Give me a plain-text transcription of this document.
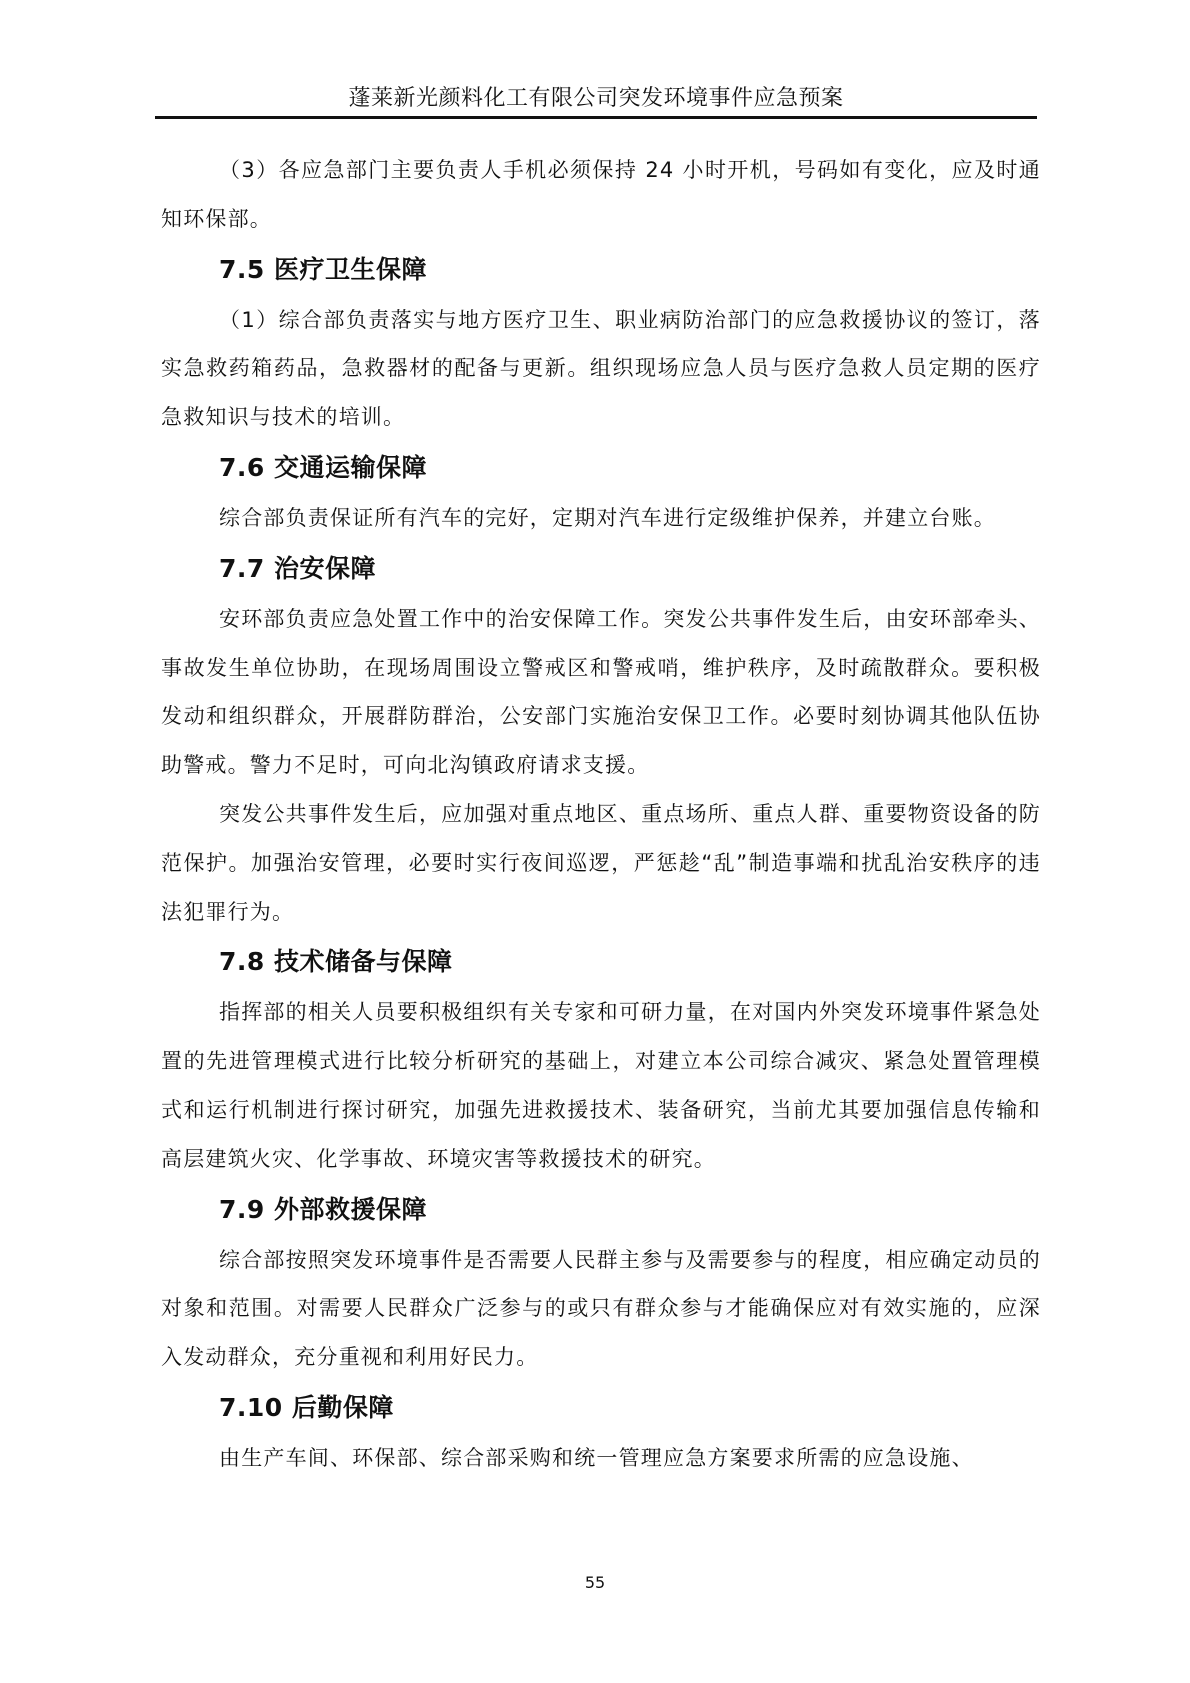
蓬莱新光颜料化工有限公司突发环境事件应急预案

（3）各应急部门主要负责人手机必须保持 24 小时开机，号码如有变化，应及时通知环保部。

7.5 医疗卫生保障

（1）综合部负责落实与地方医疗卫生、职业病防治部门的应急救援协议的签订，落实急救药箱药品，急救器材的配备与更新。组织现场应急人员与医疗急救人员定期的医疗急救知识与技术的培训。

7.6 交通运输保障

综合部负责保证所有汽车的完好，定期对汽车进行定级维护保养，并建立台账。

7.7 治安保障

安环部负责应急处置工作中的治安保障工作。突发公共事件发生后，由安环部牵头、事故发生单位协助，在现场周围设立警戒区和警戒哨，维护秩序，及时疏散群众。要积极发动和组织群众，开展群防群治，公安部门实施治安保卫工作。必要时刻协调其他队伍协助警戒。警力不足时，可向北沟镇政府请求支援。

突发公共事件发生后，应加强对重点地区、重点场所、重点人群、重要物资设备的防范保护。加强治安管理，必要时实行夜间巡逻，严惩趁“乱”制造事端和扰乱治安秩序的违法犯罪行为。

7.8 技术储备与保障

指挥部的相关人员要积极组织有关专家和可研力量，在对国内外突发环境事件紧急处置的先进管理模式进行比较分析研究的基础上，对建立本公司综合减灾、紧急处置管理模式和运行机制进行探讨研究，加强先进救援技术、装备研究，当前尤其要加强信息传输和高层建筑火灾、化学事故、环境灾害等救援技术的研究。

7.9 外部救援保障

综合部按照突发环境事件是否需要人民群主参与及需要参与的程度，相应确定动员的对象和范围。对需要人民群众广泛参与的或只有群众参与才能确保应对有效实施的，应深入发动群众，充分重视和利用好民力。

7.10 后勤保障

由生产车间、环保部、综合部采购和统一管理应急方案要求所需的应急设施、

55
